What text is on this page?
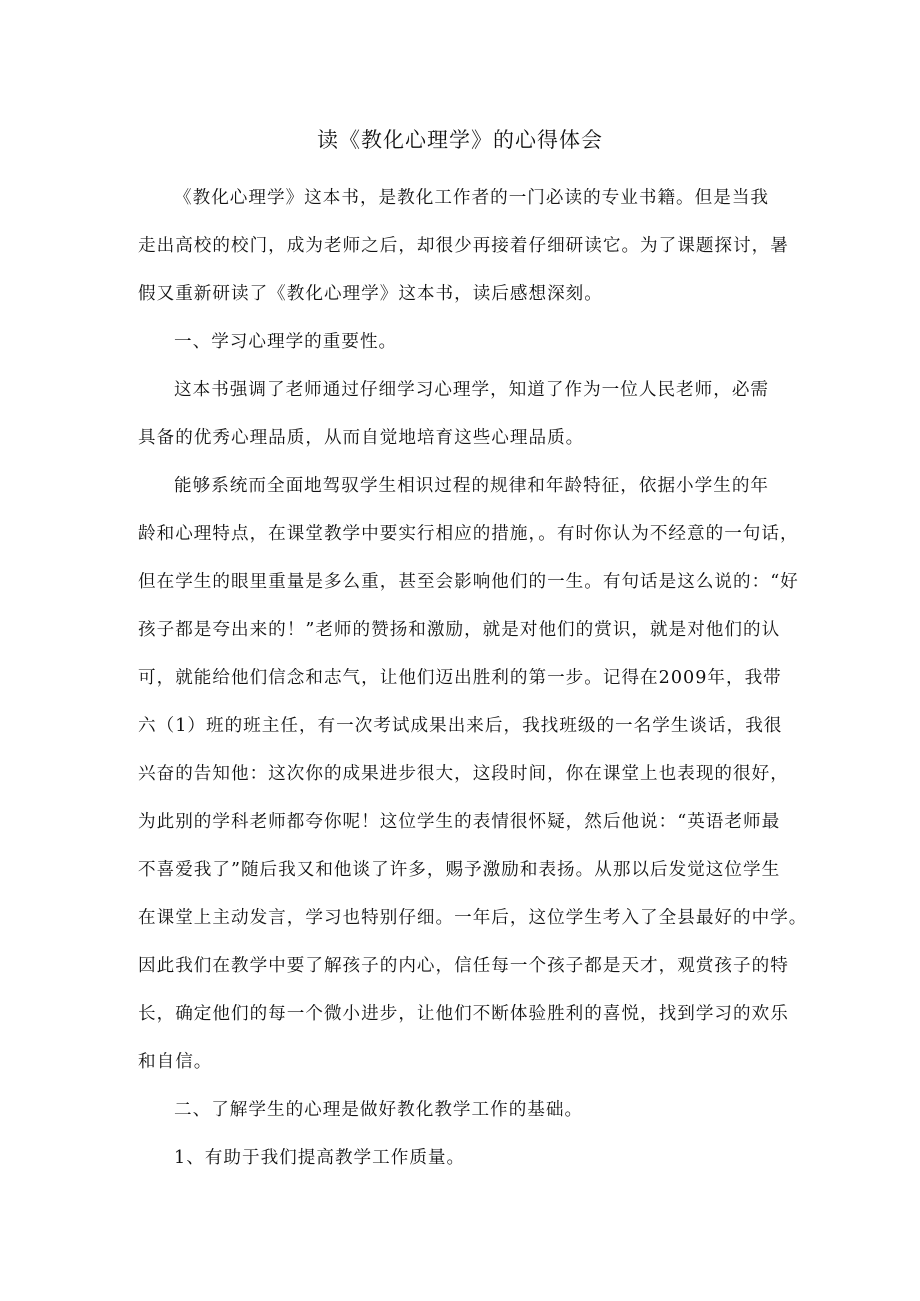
读《教化心理学》的心得体会
《教化心理学》这本书，是教化工作者的一门必读的专业书籍。但是当我
走出高校的校门，成为老师之后，却很少再接着仔细研读它。为了课题探讨，暑
假又重新研读了《教化心理学》这本书，读后感想深刻。
一、学习心理学的重要性。
这本书强调了老师通过仔细学习心理学，知道了作为一位人民老师，必需
具备的优秀心理品质，从而自觉地培育这些心理品质。
能够系统而全面地驾驭学生相识过程的规律和年龄特征，依据小学生的年
龄和心理特点，在课堂教学中要实行相应的措施，。有时你认为不经意的一句话，
但在学生的眼里重量是多么重，甚至会影响他们的一生。有句话是这么说的：“好
孩子都是夸出来的！”老师的赞扬和激励，就是对他们的赏识，就是对他们的认
可，就能给他们信念和志气，让他们迈出胜利的第一步。记得在2009年，我带
六（1）班的班主任，有一次考试成果出来后，我找班级的一名学生谈话，我很
兴奋的告知他：这次你的成果进步很大，这段时间，你在课堂上也表现的很好，
为此别的学科老师都夸你呢！这位学生的表情很怀疑，然后他说：“英语老师最
不喜爱我了”随后我又和他谈了许多，赐予激励和表扬。从那以后发觉这位学生
在课堂上主动发言，学习也特别仔细。一年后，这位学生考入了全县最好的中学。
因此我们在教学中要了解孩子的内心，信任每一个孩子都是天才，观赏孩子的特
长，确定他们的每一个微小进步，让他们不断体验胜利的喜悦，找到学习的欢乐
和自信。
二、了解学生的心理是做好教化教学工作的基础。
1、有助于我们提高教学工作质量。
